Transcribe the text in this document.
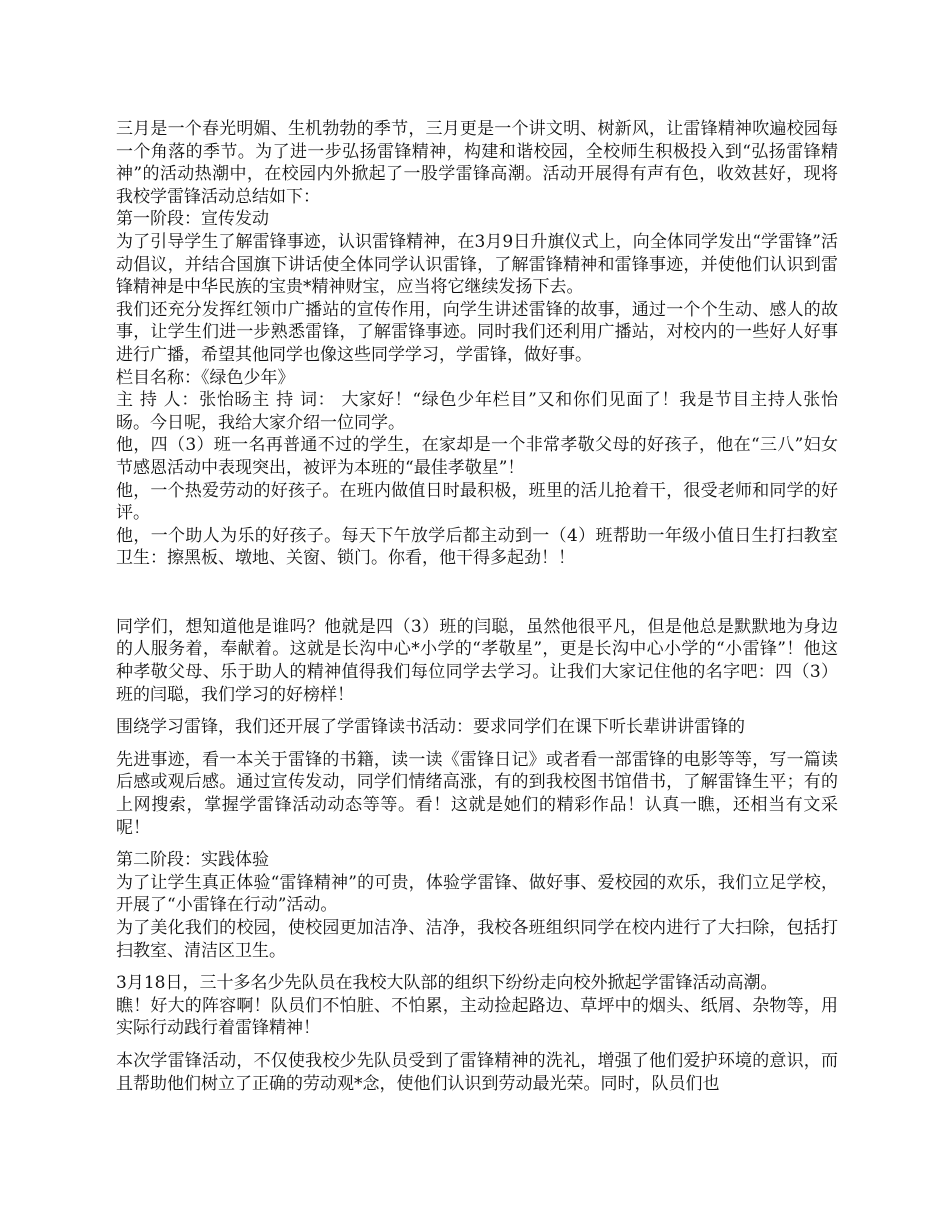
三月是一个春光明媚、生机勃勃的季节，三月更是一个讲文明、树新风，让雷锋精神吹遍校园每一个角落的季节。为了进一步弘扬雷锋精神，构建和谐校园，全校师生积极投入到“弘扬雷锋精神”的活动热潮中，在校园内外掀起了一股学雷锋高潮。活动开展得有声有色，收效甚好，现将我校学雷锋活动总结如下：

第一阶段：宣传发动

为了引导学生了解雷锋事迹，认识雷锋精神，在3月9日升旗仪式上，向全体同学发出“学雷锋”活动倡议，并结合国旗下讲话使全体同学认识雷锋，了解雷锋精神和雷锋事迹，并使他们认识到雷锋精神是中华民族的宝贵*精神财宝，应当将它继续发扬下去。

我们还充分发挥红领巾广播站的宣传作用，向学生讲述雷锋的故事，通过一个个生动、感人的故事，让学生们进一步熟悉雷锋，了解雷锋事迹。同时我们还利用广播站，对校内的一些好人好事进行广播，希望其他同学也像这些同学学习，学雷锋，做好事。

栏目名称：《绿色少年》

主 持 人：张怡旸主 持 词： 大家好！“绿色少年栏目”又和你们见面了！我是节目主持人张怡旸。今日呢，我给大家介绍一位同学。

他，四（3）班一名再普通不过的学生，在家却是一个非常孝敬父母的好孩子，他在“三八”妇女节感恩活动中表现突出，被评为本班的“最佳孝敬星”！

他，一个热爱劳动的好孩子。在班内做值日时最积极，班里的活儿抢着干，很受老师和同学的好评。

他，一个助人为乐的好孩子。每天下午放学后都主动到一（4）班帮助一年级小值日生打扫教室卫生：擦黑板、墩地、关窗、锁门。你看，他干得多起劲！！

同学们，想知道他是谁吗？他就是四（3）班的闫聪，虽然他很平凡，但是他总是默默地为身边的人服务着，奉献着。这就是长沟中心*小学的“孝敬星”，更是长沟中心小学的“小雷锋”！他这种孝敬父母、乐于助人的精神值得我们每位同学去学习。让我们大家记住他的名字吧：四（3）班的闫聪，我们学习的好榜样！

围绕学习雷锋，我们还开展了学雷锋读书活动：要求同学们在课下听长辈讲讲雷锋的

先进事迹，看一本关于雷锋的书籍，读一读《雷锋日记》或者看一部雷锋的电影等等，写一篇读后感或观后感。通过宣传发动，同学们情绪高涨，有的到我校图书馆借书，了解雷锋生平；有的上网搜索，掌握学雷锋活动动态等等。看！这就是她们的精彩作品！认真一瞧，还相当有文采呢！

第二阶段：实践体验

为了让学生真正体验“雷锋精神”的可贵，体验学雷锋、做好事、爱校园的欢乐，我们立足学校，开展了“小雷锋在行动”活动。

为了美化我们的校园，使校园更加洁净、洁净，我校各班组织同学在校内进行了大扫除，包括打扫教室、清洁区卫生。

3月18日，三十多名少先队员在我校大队部的组织下纷纷走向校外掀起学雷锋活动高潮。

瞧！好大的阵容啊！队员们不怕脏、不怕累，主动捡起路边、草坪中的烟头、纸屑、杂物等，用实际行动践行着雷锋精神！

本次学雷锋活动，不仅使我校少先队员受到了雷锋精神的洗礼，增强了他们爱护环境的意识，而且帮助他们树立了正确的劳动观*念，使他们认识到劳动最光荣。同时，队员们也
